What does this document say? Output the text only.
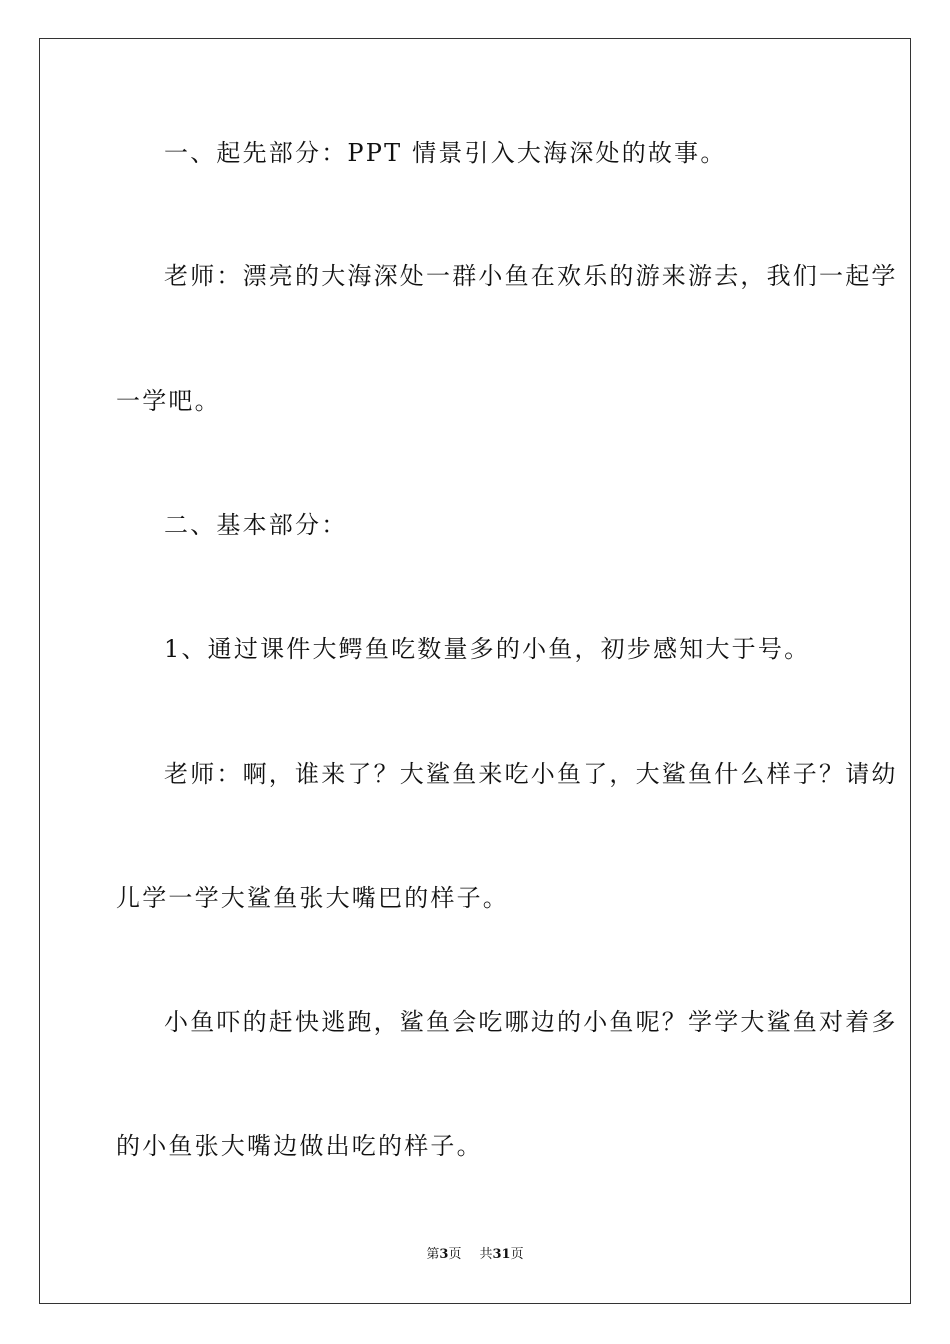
一、起先部分：PPT 情景引入大海深处的故事。
老师：漂亮的大海深处一群小鱼在欢乐的游来游去，我们一起学
一学吧。
二、基本部分：
1、通过课件大鳄鱼吃数量多的小鱼，初步感知大于号。
老师：啊，谁来了？大鲨鱼来吃小鱼了，大鲨鱼什么样子？请幼
儿学一学大鲨鱼张大嘴巴的样子。
小鱼吓的赶快逃跑，鲨鱼会吃哪边的小鱼呢？学学大鲨鱼对着多
的小鱼张大嘴边做出吃的样子。
第3页 共31页
